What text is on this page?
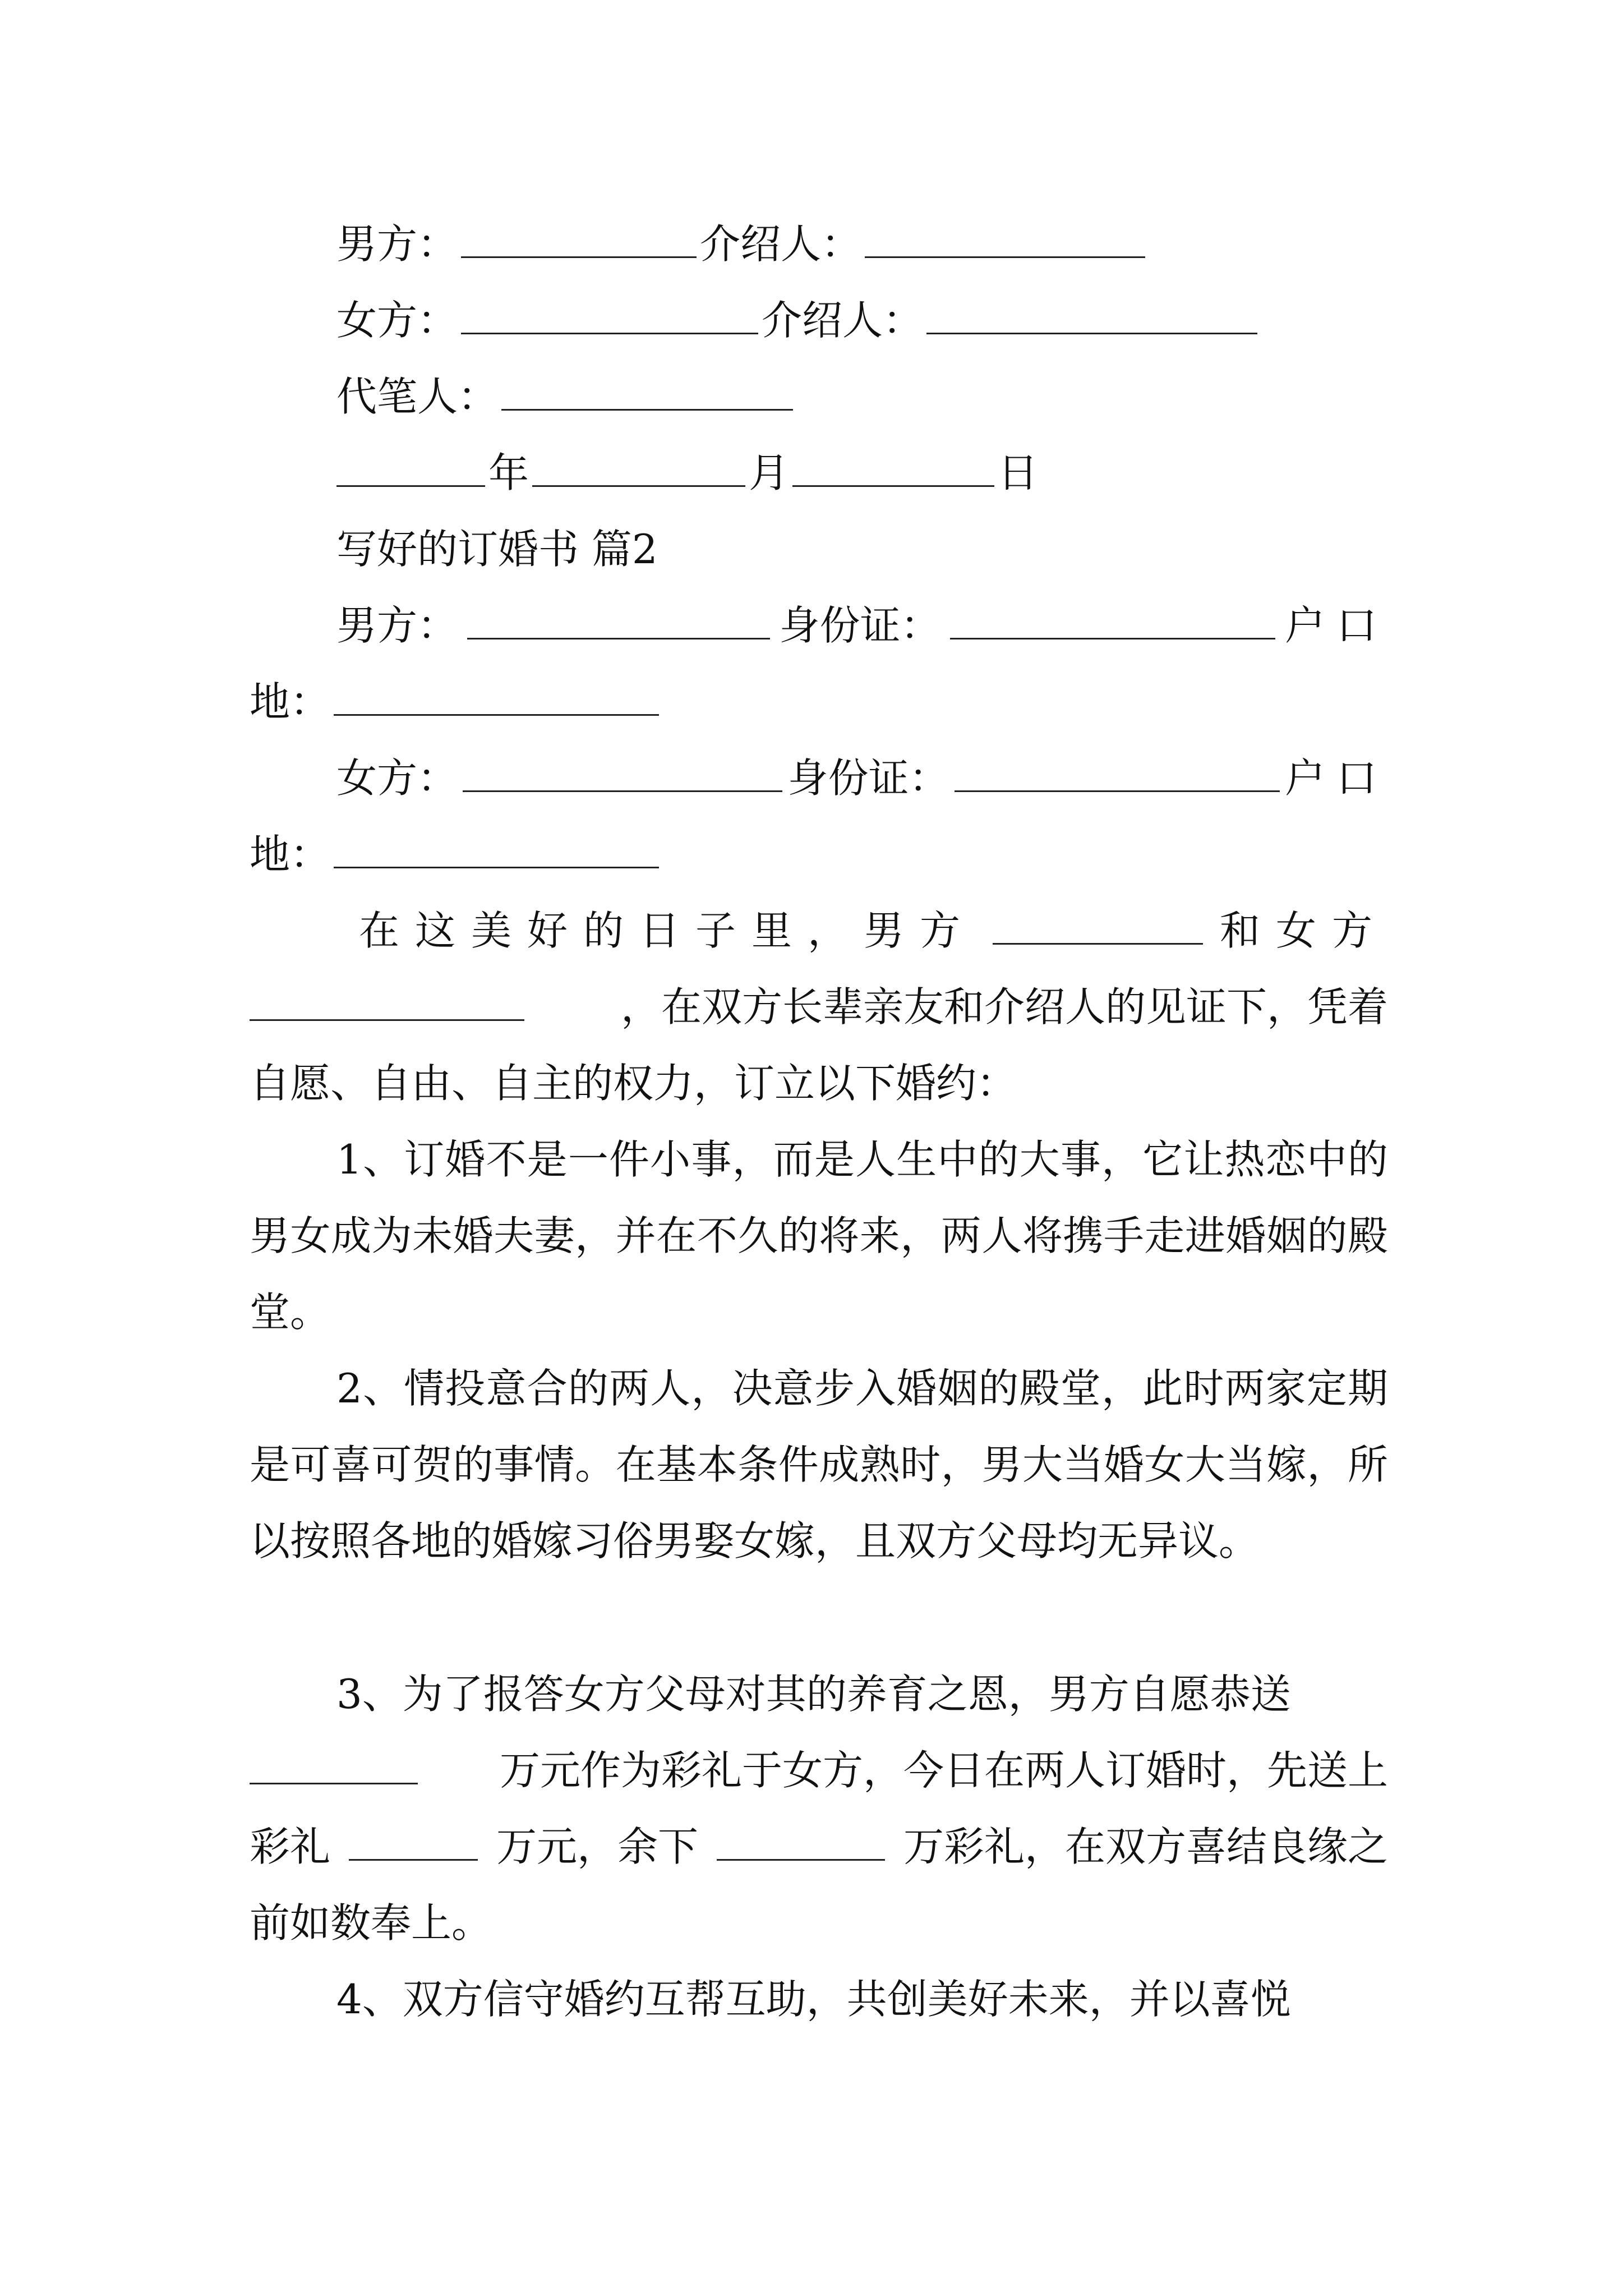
男方：	介绍人：
女方：	介绍人：
代笔人：
年	月	日
写好的订婚书 篇2
男方：	身份证：	户口
地：
女方：	身份证：	户口
地：
在这美好的日子里，男方	和女方
，在双方长辈亲友和介绍人的见证下，凭着
自愿、自由、自主的权力，订立以下婚约：
1、订婚不是一件小事，而是人生中的大事，它让热恋中的男女成为未婚夫妻，并在不久的将来，两人将携手走进婚姻的殿堂。
2、情投意合的两人，决意步入婚姻的殿堂，此时两家定期是可喜可贺的事情。在基本条件成熟时，男大当婚女大当嫁，所以按照各地的婚嫁习俗男娶女嫁，且双方父母均无异议。
3、为了报答女方父母对其的养育之恩，男方自愿恭送
万元作为彩礼于女方，今日在两人订婚时，先送上
彩礼	万元，余下	万彩礼，在双方喜结良缘之
前如数奉上。
4、双方信守婚约互帮互助，共创美好未来，并以喜悦
